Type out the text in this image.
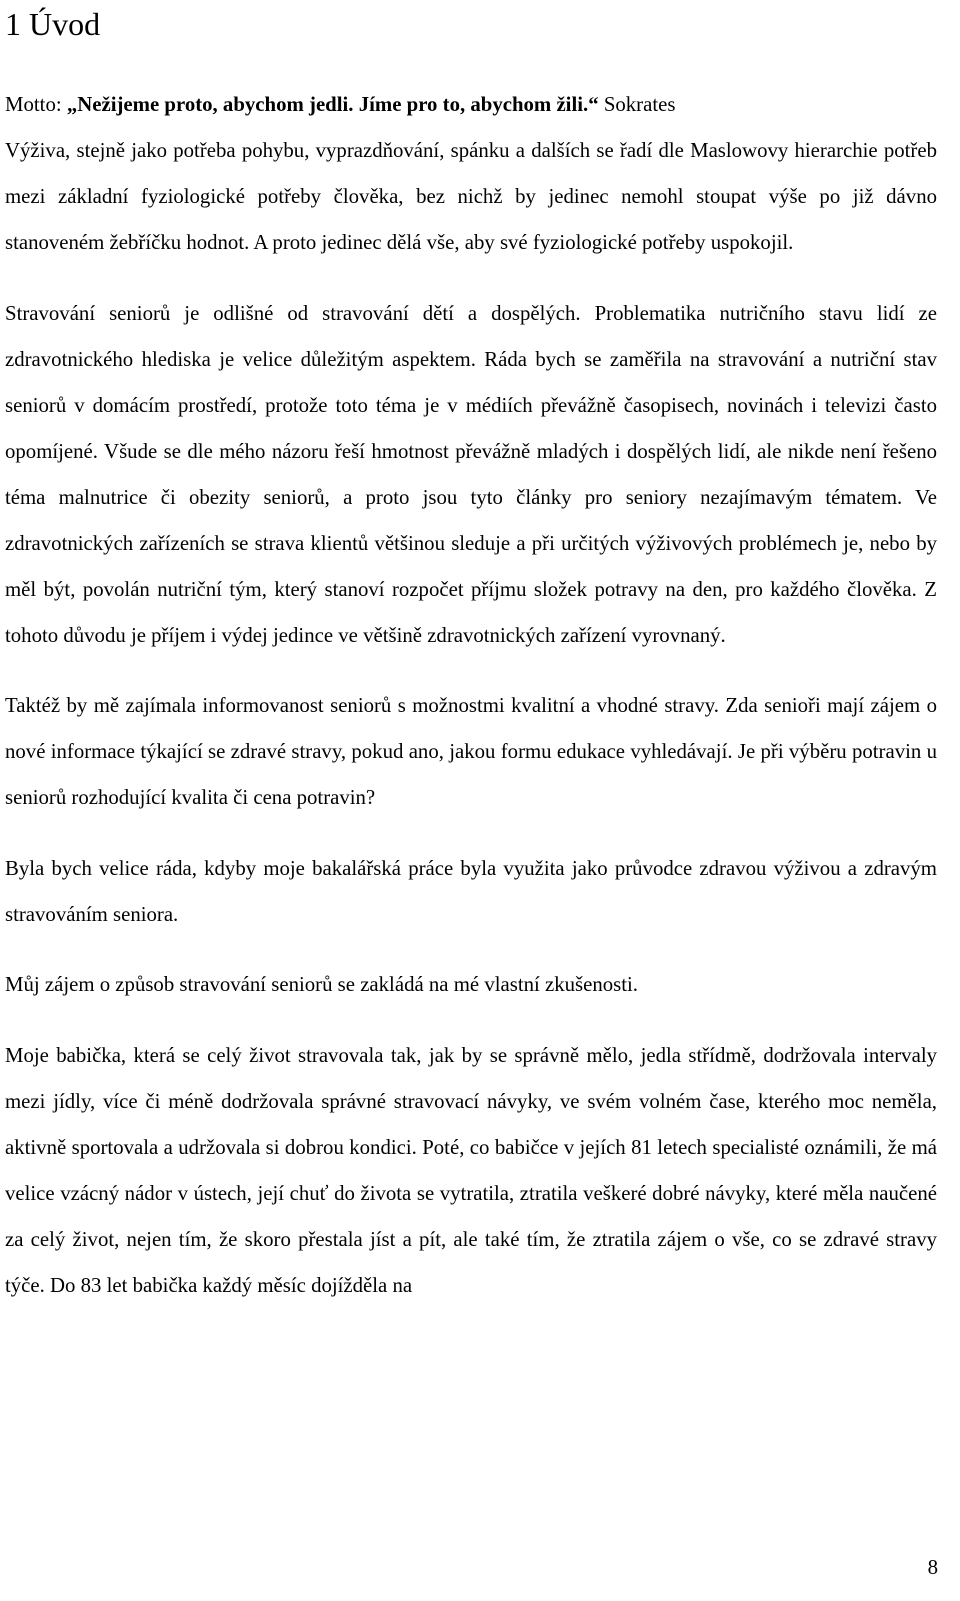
1 Úvod
Motto: „Nežijeme proto, abychom jedli. Jíme pro to, abychom žili.“ Sokrates

Výživa, stejně jako potřeba pohybu, vyprazdňování, spánku a dalších se řadí dle Maslowovy hierarchie potřeb mezi základní fyziologické potřeby člověka, bez nichž by jedinec nemohl stoupat výše po již dávno stanoveném žebříčku hodnot. A proto jedinec dělá vše, aby své fyziologické potřeby uspokojil.

Stravování seniorů je odlišné od stravování dětí a dospělých. Problematika nutričního stavu lidí ze zdravotnického hlediska je velice důležitým aspektem. Ráda bych se zaměřila na stravování a nutriční stav seniorů v domácím prostředí, protože toto téma je v médiích převážně časopisech, novinách i televizi často opomíjené. Všude se dle mého názoru řeší hmotnost převážně mladých i dospělých lidí, ale nikde není řešeno téma malnutrice či obezity seniorů, a proto jsou tyto články pro seniory nezajímavým tématem. Ve zdravotnických zařízeních se strava klientů většinou sleduje a při určitých výživových problémech je, nebo by měl být, povolán nutriční tým, který stanoví rozpočet příjmu složek potravy na den, pro každého člověka. Z tohoto důvodu je příjem i výdej jedince ve většině zdravotnických zařízení vyrovnaný.

Taktéž by mě zajímala informovanost seniorů s možnostmi kvalitní a vhodné stravy. Zda senioři mají zájem o nové informace týkající se zdravé stravy, pokud ano, jakou formu edukace vyhledávají. Je při výběru potravin u seniorů rozhodující kvalita či cena potravin?

Byla bych velice ráda, kdyby moje bakalářská práce byla využita jako průvodce zdravou výživou a zdravým stravováním seniora.

Můj zájem o způsob stravování seniorů se zakládá na mé vlastní zkušenosti.

Moje babička, která se celý život stravovala tak, jak by se správně mělo, jedla střídmě, dodržovala intervaly mezi jídly, více či méně dodržovala správné stravovací návyky, ve svém volném čase, kterého moc neměla, aktivně sportovala a udržovala si dobrou kondici. Poté, co babičce v jejích 81 letech specialisté oznámili, že má velice vzácný nádor v ústech, její chuť do života se vytratila, ztratila veškeré dobré návyky, které měla naučené za celý život, nejen tím, že skoro přestala jíst a pít, ale také tím, že ztratila zájem o vše, co se zdravé stravy týče. Do 83 let babička každý měsíc dojížděla na

8
